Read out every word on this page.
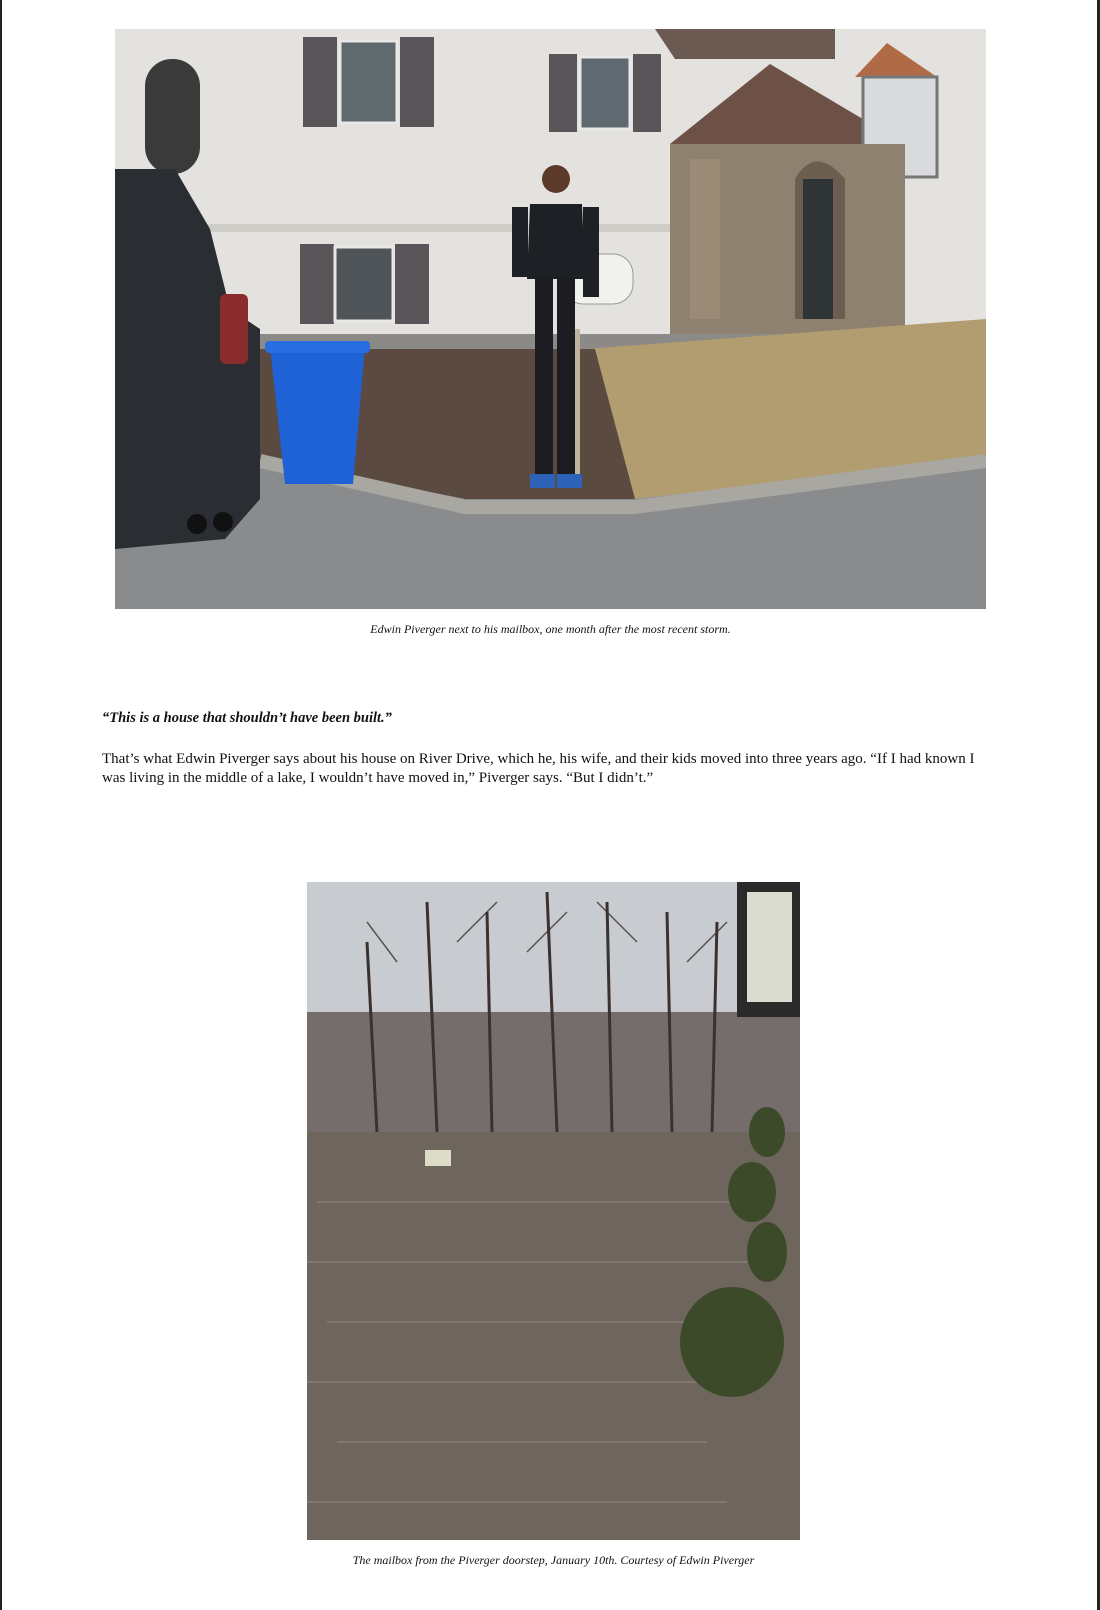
Edwin Piverger next to his mailbox, one month after the most recent storm.
“This is a house that shouldn’t have been built.”
That’s what Edwin Piverger says about his house on River Drive, which he, his wife, and their kids moved into three years ago. “If I had known I was living in the middle of a lake, I wouldn’t have moved in,” Piverger says. “But I didn’t.”
The mailbox from the Piverger doorstep, January 10th. Courtesy of Edwin Piverger
